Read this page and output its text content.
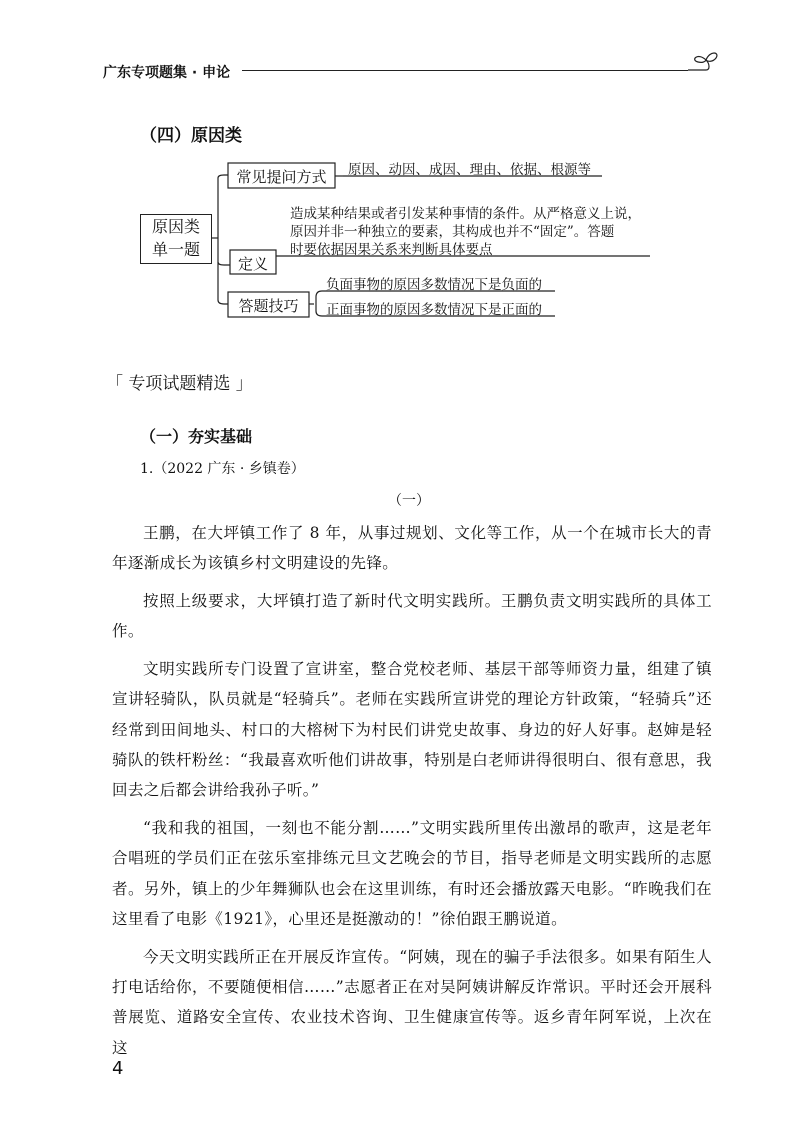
广东专项题集 · 申论
（四）原因类
原因类
单一题
常见提问方式	原因、动因、成因、理由、依据、根源等
定义
造成某种结果或者引发某种事情的条件。从严格意义上说，
原因并非一种独立的要素，其构成也并不“固定”。答题
时要依据因果关系来判断具体要点
答题技巧
负面事物的原因多数情况下是负面的
正面事物的原因多数情况下是正面的
「 专项试题精选 」
（一）夯实基础
1.（2022 广东 · 乡镇卷）
（一）

王鹏，在大坪镇工作了 8 年，从事过规划、文化等工作，从一个在城市长大的青年逐渐成长为该镇乡村文明建设的先锋。

按照上级要求，大坪镇打造了新时代文明实践所。王鹏负责文明实践所的具体工作。

文明实践所专门设置了宣讲室，整合党校老师、基层干部等师资力量，组建了镇宣讲轻骑队，队员就是“轻骑兵”。老师在实践所宣讲党的理论方针政策，“轻骑兵”还经常到田间地头、村口的大榕树下为村民们讲党史故事、身边的好人好事。赵婶是轻骑队的铁杆粉丝：“我最喜欢听他们讲故事，特别是白老师讲得很明白、很有意思，我回去之后都会讲给我孙子听。”

“我和我的祖国，一刻也不能分割……”文明实践所里传出激昂的歌声，这是老年合唱班的学员们正在弦乐室排练元旦文艺晚会的节目，指导老师是文明实践所的志愿者。另外，镇上的少年舞狮队也会在这里训练，有时还会播放露天电影。“昨晚我们在这里看了电影《1921》，心里还是挺激动的！”徐伯跟王鹏说道。

今天文明实践所正在开展反诈宣传。“阿姨，现在的骗子手法很多。如果有陌生人打电话给你，不要随便相信……”志愿者正在对吴阿姨讲解反诈常识。平时还会开展科普展览、道路安全宣传、农业技术咨询、卫生健康宣传等。返乡青年阿军说，上次在这

4
